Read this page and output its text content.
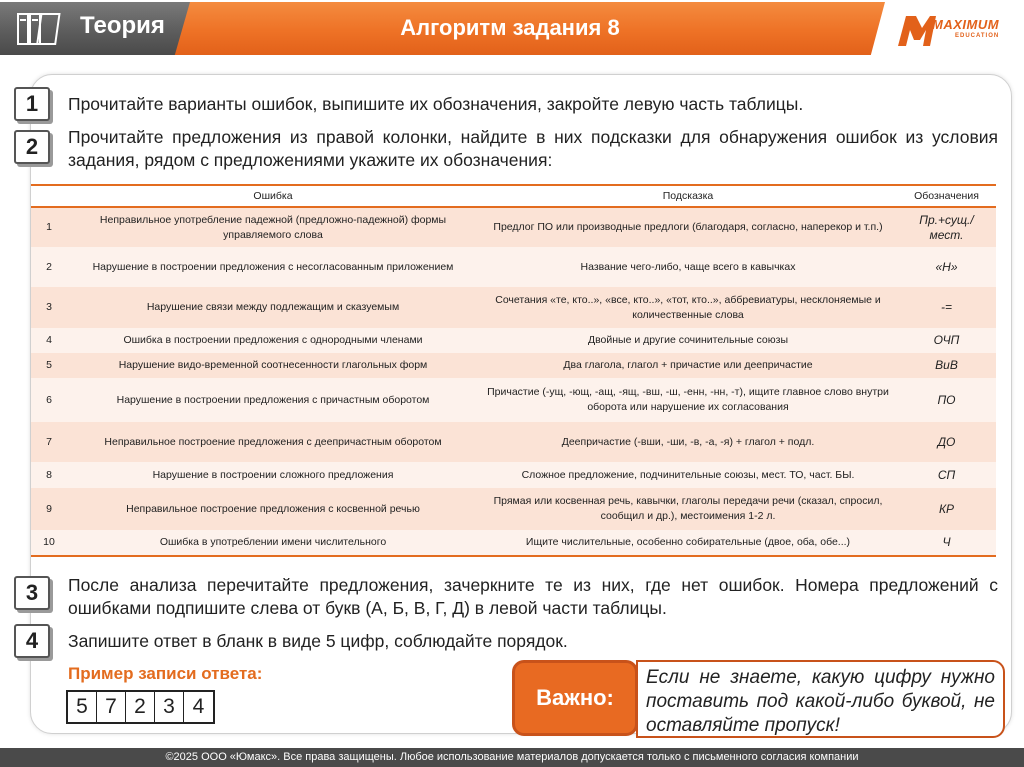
Теория	Алгоритм задания 8	MAXIMUM
EDUCATION
1	Прочитайте варианты ошибок, выпишите их обозначения, закройте левую часть таблицы.
2	Прочитайте предложения из правой колонки, найдите в них подсказки для обнаружения ошибок из условия задания, рядом с предложениями укажите их обозначения:
	Ошибка	Подсказка	Обозначения
1	Неправильное употребление падежной (предложно-падежной) формы управляемого слова	Предлог ПО или производные предлоги (благодаря, согласно, наперекор и т.п.)	Пр.+сущ./ мест.
2	Нарушение в построении предложения с несогласованным приложением	Название чего-либо, чаще всего в кавычках	«Н»
3	Нарушение связи между подлежащим и сказуемым	Сочетания «те, кто..», «все, кто..», «тот, кто..», аббревиатуры, несклоняемые и количественные слова	-=
4	Ошибка в построении предложения с однородными членами	Двойные и другие сочинительные союзы	ОЧП
5	Нарушение видо-временной соотнесенности глагольных форм	Два глагола, глагол + причастие или деепричастие	ВиВ
6	Нарушение в построении предложения с причастным оборотом	Причастие (-ущ, -ющ, -ащ, -ящ, -вш, -ш, -енн, -нн, -т), ищите главное слово внутри оборота или нарушение их согласования	ПО
7	Неправильное построение предложения с деепричастным оборотом	Деепричастие (-вши, -ши, -в, -а, -я) + глагол + подл.	ДО
8	Нарушение в построении сложного предложения	Сложное предложение, подчинительные союзы, мест. ТО, част. БЫ.	СП
9	Неправильное построение предложения с косвенной речью	Прямая или косвенная речь, кавычки, глаголы передачи речи (сказал, спросил, сообщил и др.), местоимения 1-2 л.	КР
10	Ошибка в употреблении имени числительного	Ищите числительные, особенно собирательные (двое, оба, обе...)	Ч
3	После анализа перечитайте предложения, зачеркните те из них, где нет ошибок. Номера предложений с ошибками подпишите слева от букв (А, Б, В, Г, Д) в левой части таблицы.
4	Запишите ответ в бланк в виде 5 цифр, соблюдайте порядок.
Пример записи ответа:
5 7 2 3 4	Важно:
Если не знаете, какую цифру нужно поставить под какой-либо буквой, не оставляйте пропуск!
©2025 ООО «Юмакс». Все права защищены. Любое использование материалов допускается только с письменного согласия компании
